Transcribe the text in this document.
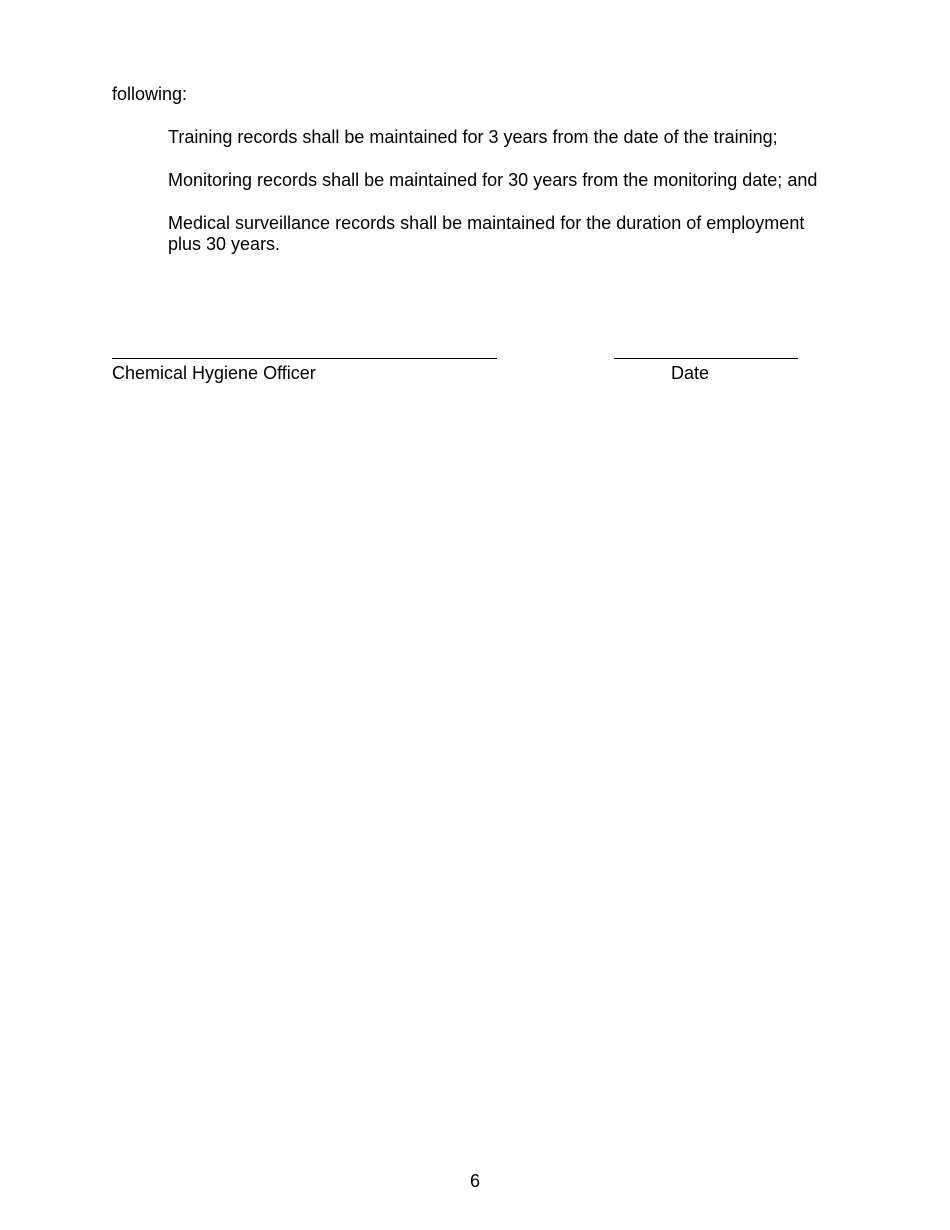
following:
Training records shall be maintained for 3 years from the date of the training;
Monitoring records shall be maintained for 30 years from the monitoring date; and
Medical surveillance records shall be maintained for the duration of employment plus 30 years.
Chemical Hygiene Officer	Date
6
